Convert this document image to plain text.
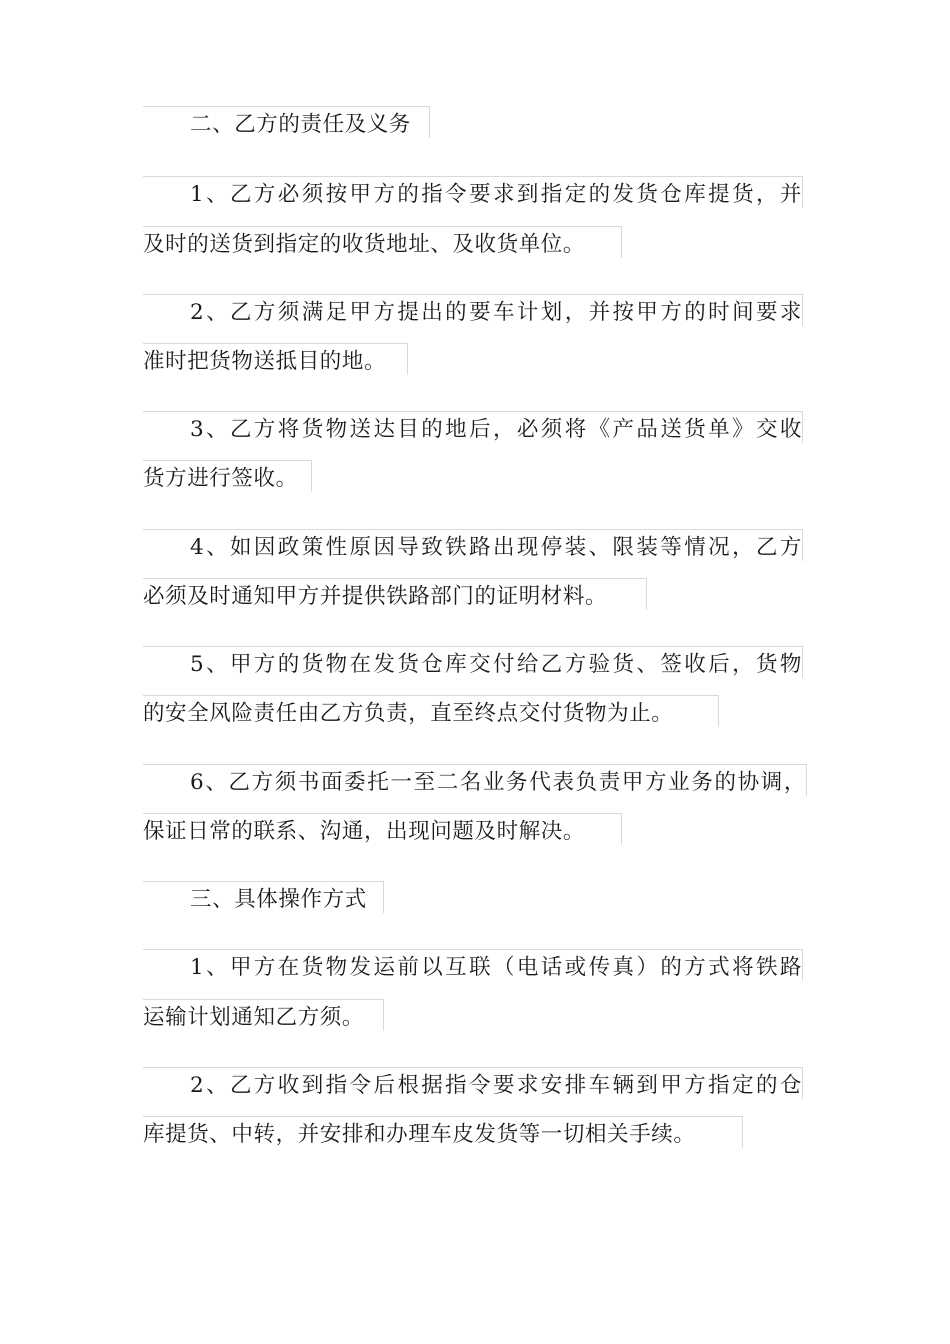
二、乙方的责任及义务
1、乙方必须按甲方的指令要求到指定的发货仓库提货，并
及时的送货到指定的收货地址、及收货单位。
2、乙方须满足甲方提出的要车计划，并按甲方的时间要求
准时把货物送抵目的地。
3、乙方将货物送达目的地后，必须将《产品送货单》交收
货方进行签收。
4、如因政策性原因导致铁路出现停装、限装等情况，乙方
必须及时通知甲方并提供铁路部门的证明材料。
5、甲方的货物在发货仓库交付给乙方验货、签收后，货物
的安全风险责任由乙方负责，直至终点交付货物为止。
6、乙方须书面委托一至二名业务代表负责甲方业务的协调，
保证日常的联系、沟通，出现问题及时解决。
三、具体操作方式
1、甲方在货物发运前以互联（电话或传真）的方式将铁路
运输计划通知乙方须。
2、乙方收到指令后根据指令要求安排车辆到甲方指定的仓
库提货、中转，并安排和办理车皮发货等一切相关手续。
